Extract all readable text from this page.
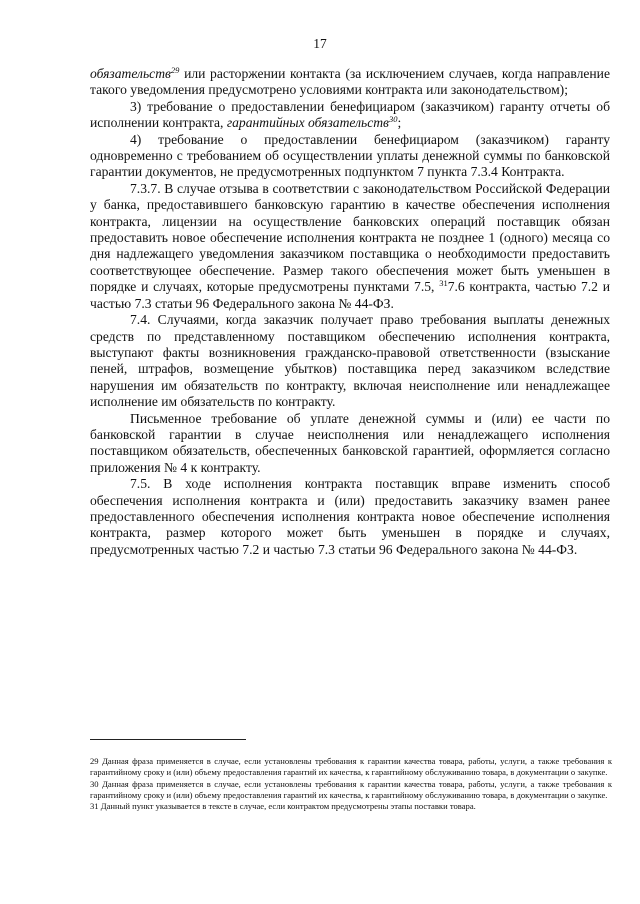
17

обязательств$^{29}$ или расторжении контакта (за исключением случаев, когда направление такого уведомления предусмотрено условиями контракта или законодательством);

3) требование о предоставлении бенефициаром (заказчиком) гаранту отчеты об исполнении контракта, гарантийных обязательств$^{30}$;

4) требование о предоставлении бенефициаром (заказчиком) гаранту одновременно с требованием об осуществлении уплаты денежной суммы по банковской гарантии документов, не предусмотренных подпунктом 7 пункта 7.3.4 Контракта.

7.3.7. В случае отзыва в соответствии с законодательством Российской Федерации у банка, предоставившего банковскую гарантию в качестве обеспечения исполнения контракта, лицензии на осуществление банковских операций поставщик обязан предоставить новое обеспечение исполнения контракта не позднее 1 (одного) месяца со дня надлежащего уведомления заказчиком поставщика о необходимости предоставить соответствующее обеспечение. Размер такого обеспечения может быть уменьшен в порядке и случаях, которые предусмотрены пунктами 7.5, $^{31}$7.6 контракта, частью 7.2 и частью 7.3 статьи 96 Федерального закона № 44-ФЗ.

7.4. Случаями, когда заказчик получает право требования выплаты денежных средств по представленному поставщиком обеспечению исполнения контракта, выступают факты возникновения гражданско-правовой ответственности (взыскание пеней, штрафов, возмещение убытков) поставщика перед заказчиком вследствие нарушения им обязательств по контракту, включая неисполнение или ненадлежащее исполнение им обязательств по контракту.

Письменное требование об уплате денежной суммы и (или) ее части по банковской гарантии в случае неисполнения или ненадлежащего исполнения поставщиком обязательств, обеспеченных банковской гарантией, оформляется согласно приложения № 4 к контракту.

7.5. В ходе исполнения контракта поставщик вправе изменить способ обеспечения исполнения контракта и (или) предоставить заказчику взамен ранее предоставленного обеспечения исполнения контракта новое обеспечение исполнения контракта, размер которого может быть уменьшен в порядке и случаях, предусмотренных частью 7.2 и частью 7.3 статьи 96 Федерального закона № 44-ФЗ.

29 Данная фраза применяется в случае, если установлены требования к гарантии качества товара, работы, услуги, а также требования к гарантийному сроку и (или) объему предоставления гарантий их качества, к гарантийному обслуживанию товара, в документации о закупке.

30 Данная фраза применяется в случае, если установлены требования к гарантии качества товара, работы, услуги, а также требования к гарантийному сроку и (или) объему предоставления гарантий их качества, к гарантийному обслуживанию товара, в документации о закупке.

31 Данный пункт указывается в тексте в случае, если контрактом предусмотрены этапы поставки товара.
